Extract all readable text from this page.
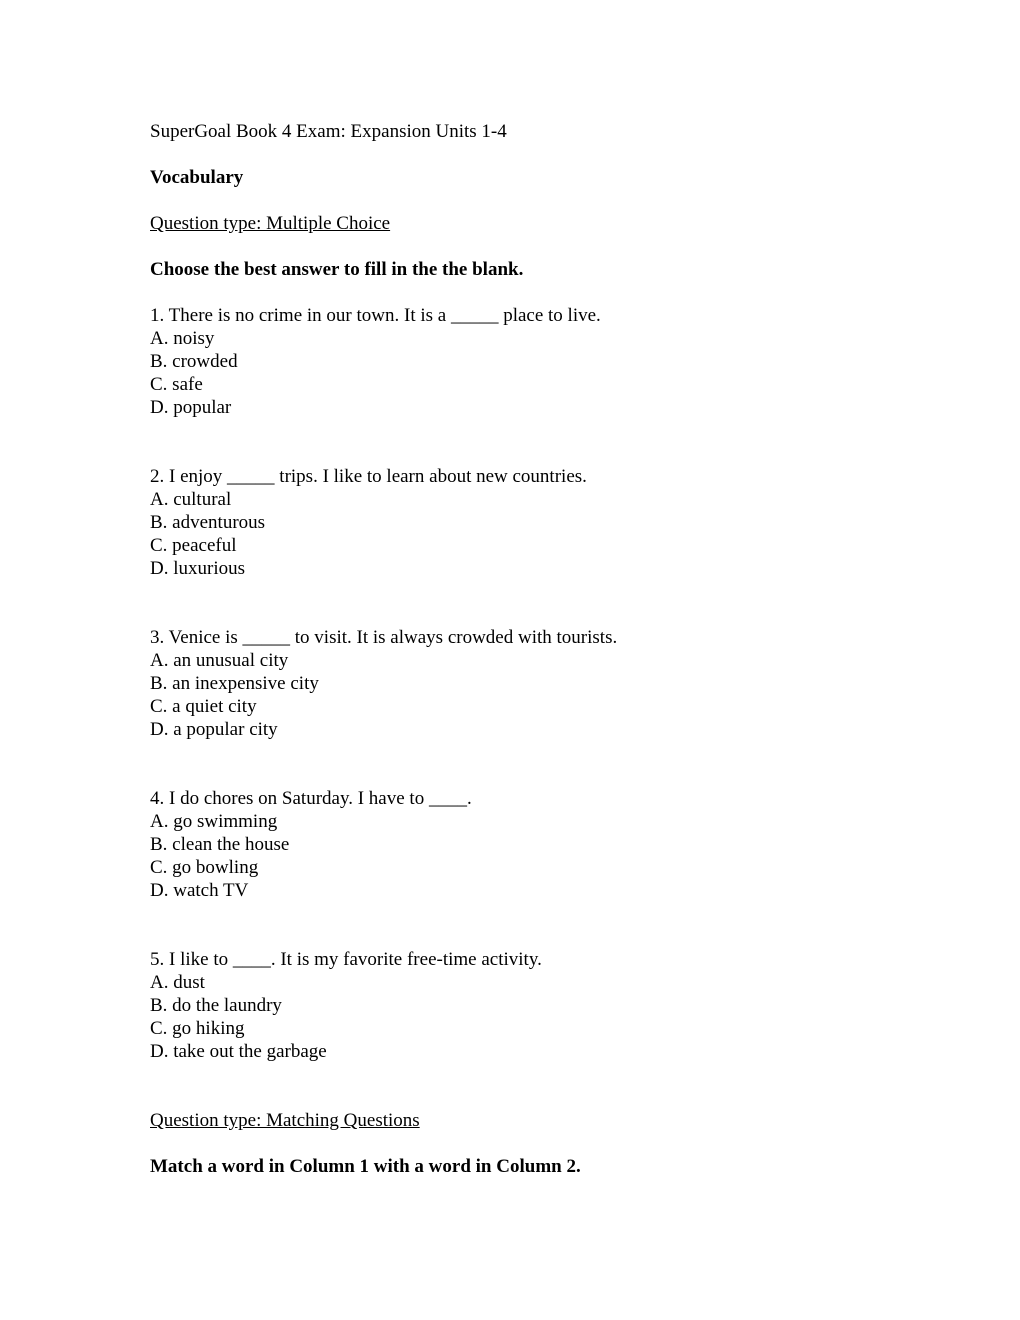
SuperGoal Book 4 Exam: Expansion Units 1-4
Vocabulary
Question type: Multiple Choice
Choose the best answer to fill in the the blank.
1. There is no crime in our town. It is a _____ place to live.
A. noisy
B. crowded
C. safe
D. popular
2. I enjoy _____ trips. I like to learn about new countries.
A. cultural
B. adventurous
C. peaceful
D. luxurious
3. Venice is _____ to visit. It is always crowded with tourists.
A. an unusual city
B. an inexpensive city
C. a quiet city
D. a popular city
4. I do chores on Saturday. I have to ____.
A. go swimming
B. clean the house
C. go bowling
D. watch TV
5. I like to ____. It is my favorite free-time activity.
A. dust
B. do the laundry
C. go hiking
D. take out the garbage
Question type: Matching Questions
Match a word in Column 1 with a word in Column 2.
